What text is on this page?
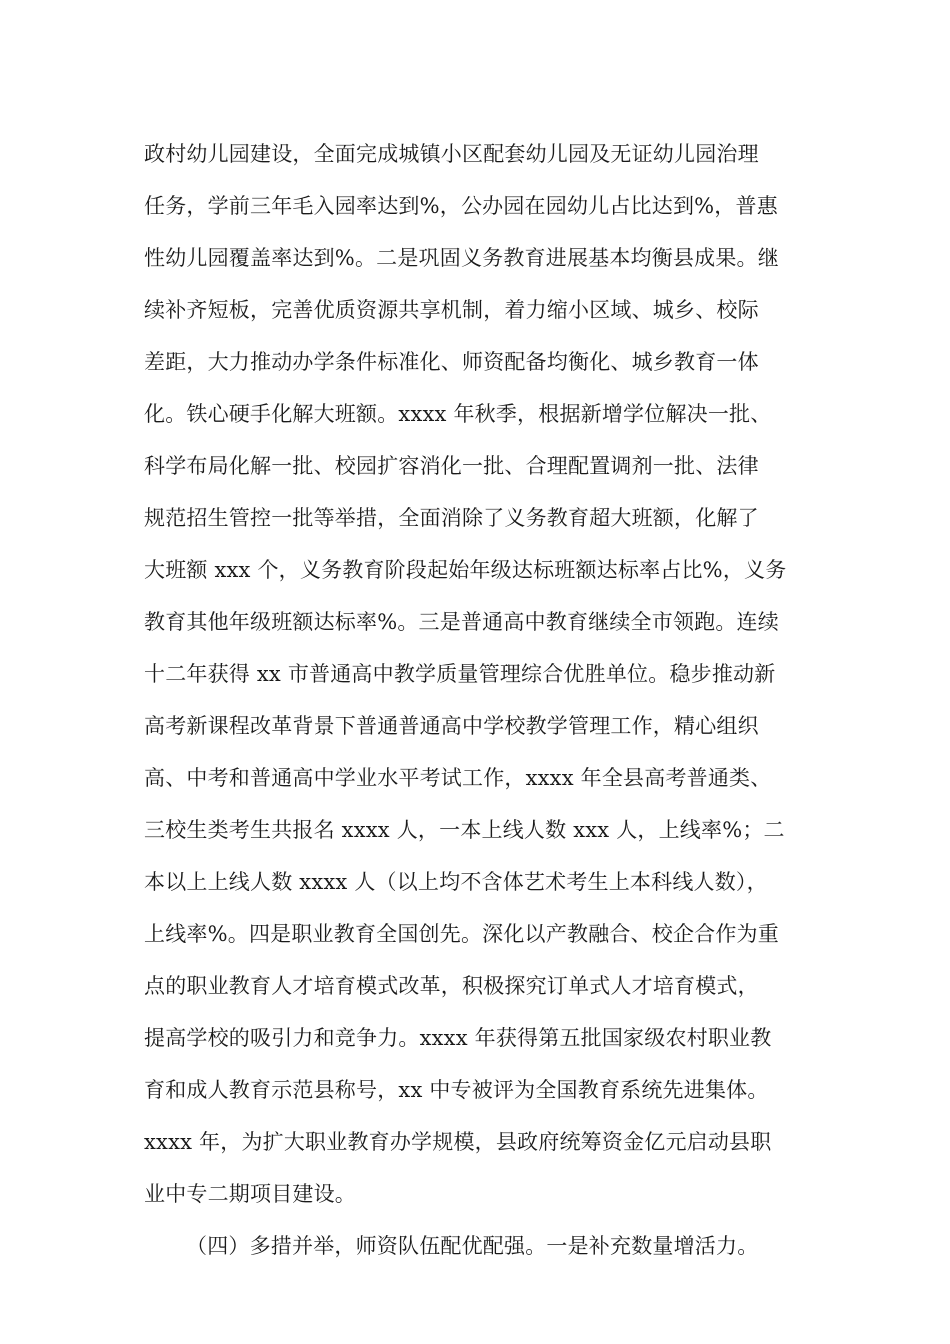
政村幼儿园建设，全面完成城镇小区配套幼儿园及无证幼儿园治理
任务，学前三年毛入园率达到%，公办园在园幼儿占比达到%，普惠
性幼儿园覆盖率达到%。二是巩固义务教育进展基本均衡县成果。继
续补齐短板，完善优质资源共享机制，着力缩小区域、城乡、校际
差距，大力推动办学条件标准化、师资配备均衡化、城乡教育一体
化。铁心硬手化解大班额。xxxx 年秋季，根据新增学位解决一批、
科学布局化解一批、校园扩容消化一批、合理配置调剂一批、法律
规范招生管控一批等举措，全面消除了义务教育超大班额，化解了
大班额 xxx 个，义务教育阶段起始年级达标班额达标率占比%，义务
教育其他年级班额达标率%。三是普通高中教育继续全市领跑。连续
十二年获得 xx 市普通高中教学质量管理综合优胜单位。稳步推动新
高考新课程改革背景下普通普通高中学校教学管理工作，精心组织
高、中考和普通高中学业水平考试工作，xxxx 年全县高考普通类、
三校生类考生共报名 xxxx 人，一本上线人数 xxx 人，上线率%；二
本以上上线人数 xxxx 人（以上均不含体艺术考生上本科线人数），
上线率%。四是职业教育全国创先。深化以产教融合、校企合作为重
点的职业教育人才培育模式改革，积极探究订单式人才培育模式，
提高学校的吸引力和竞争力。xxxx 年获得第五批国家级农村职业教
育和成人教育示范县称号，xx 中专被评为全国教育系统先进集体。
xxxx 年，为扩大职业教育办学规模，县政府统筹资金亿元启动县职
业中专二期项目建设。
（四）多措并举，师资队伍配优配强。一是补充数量增活力。
